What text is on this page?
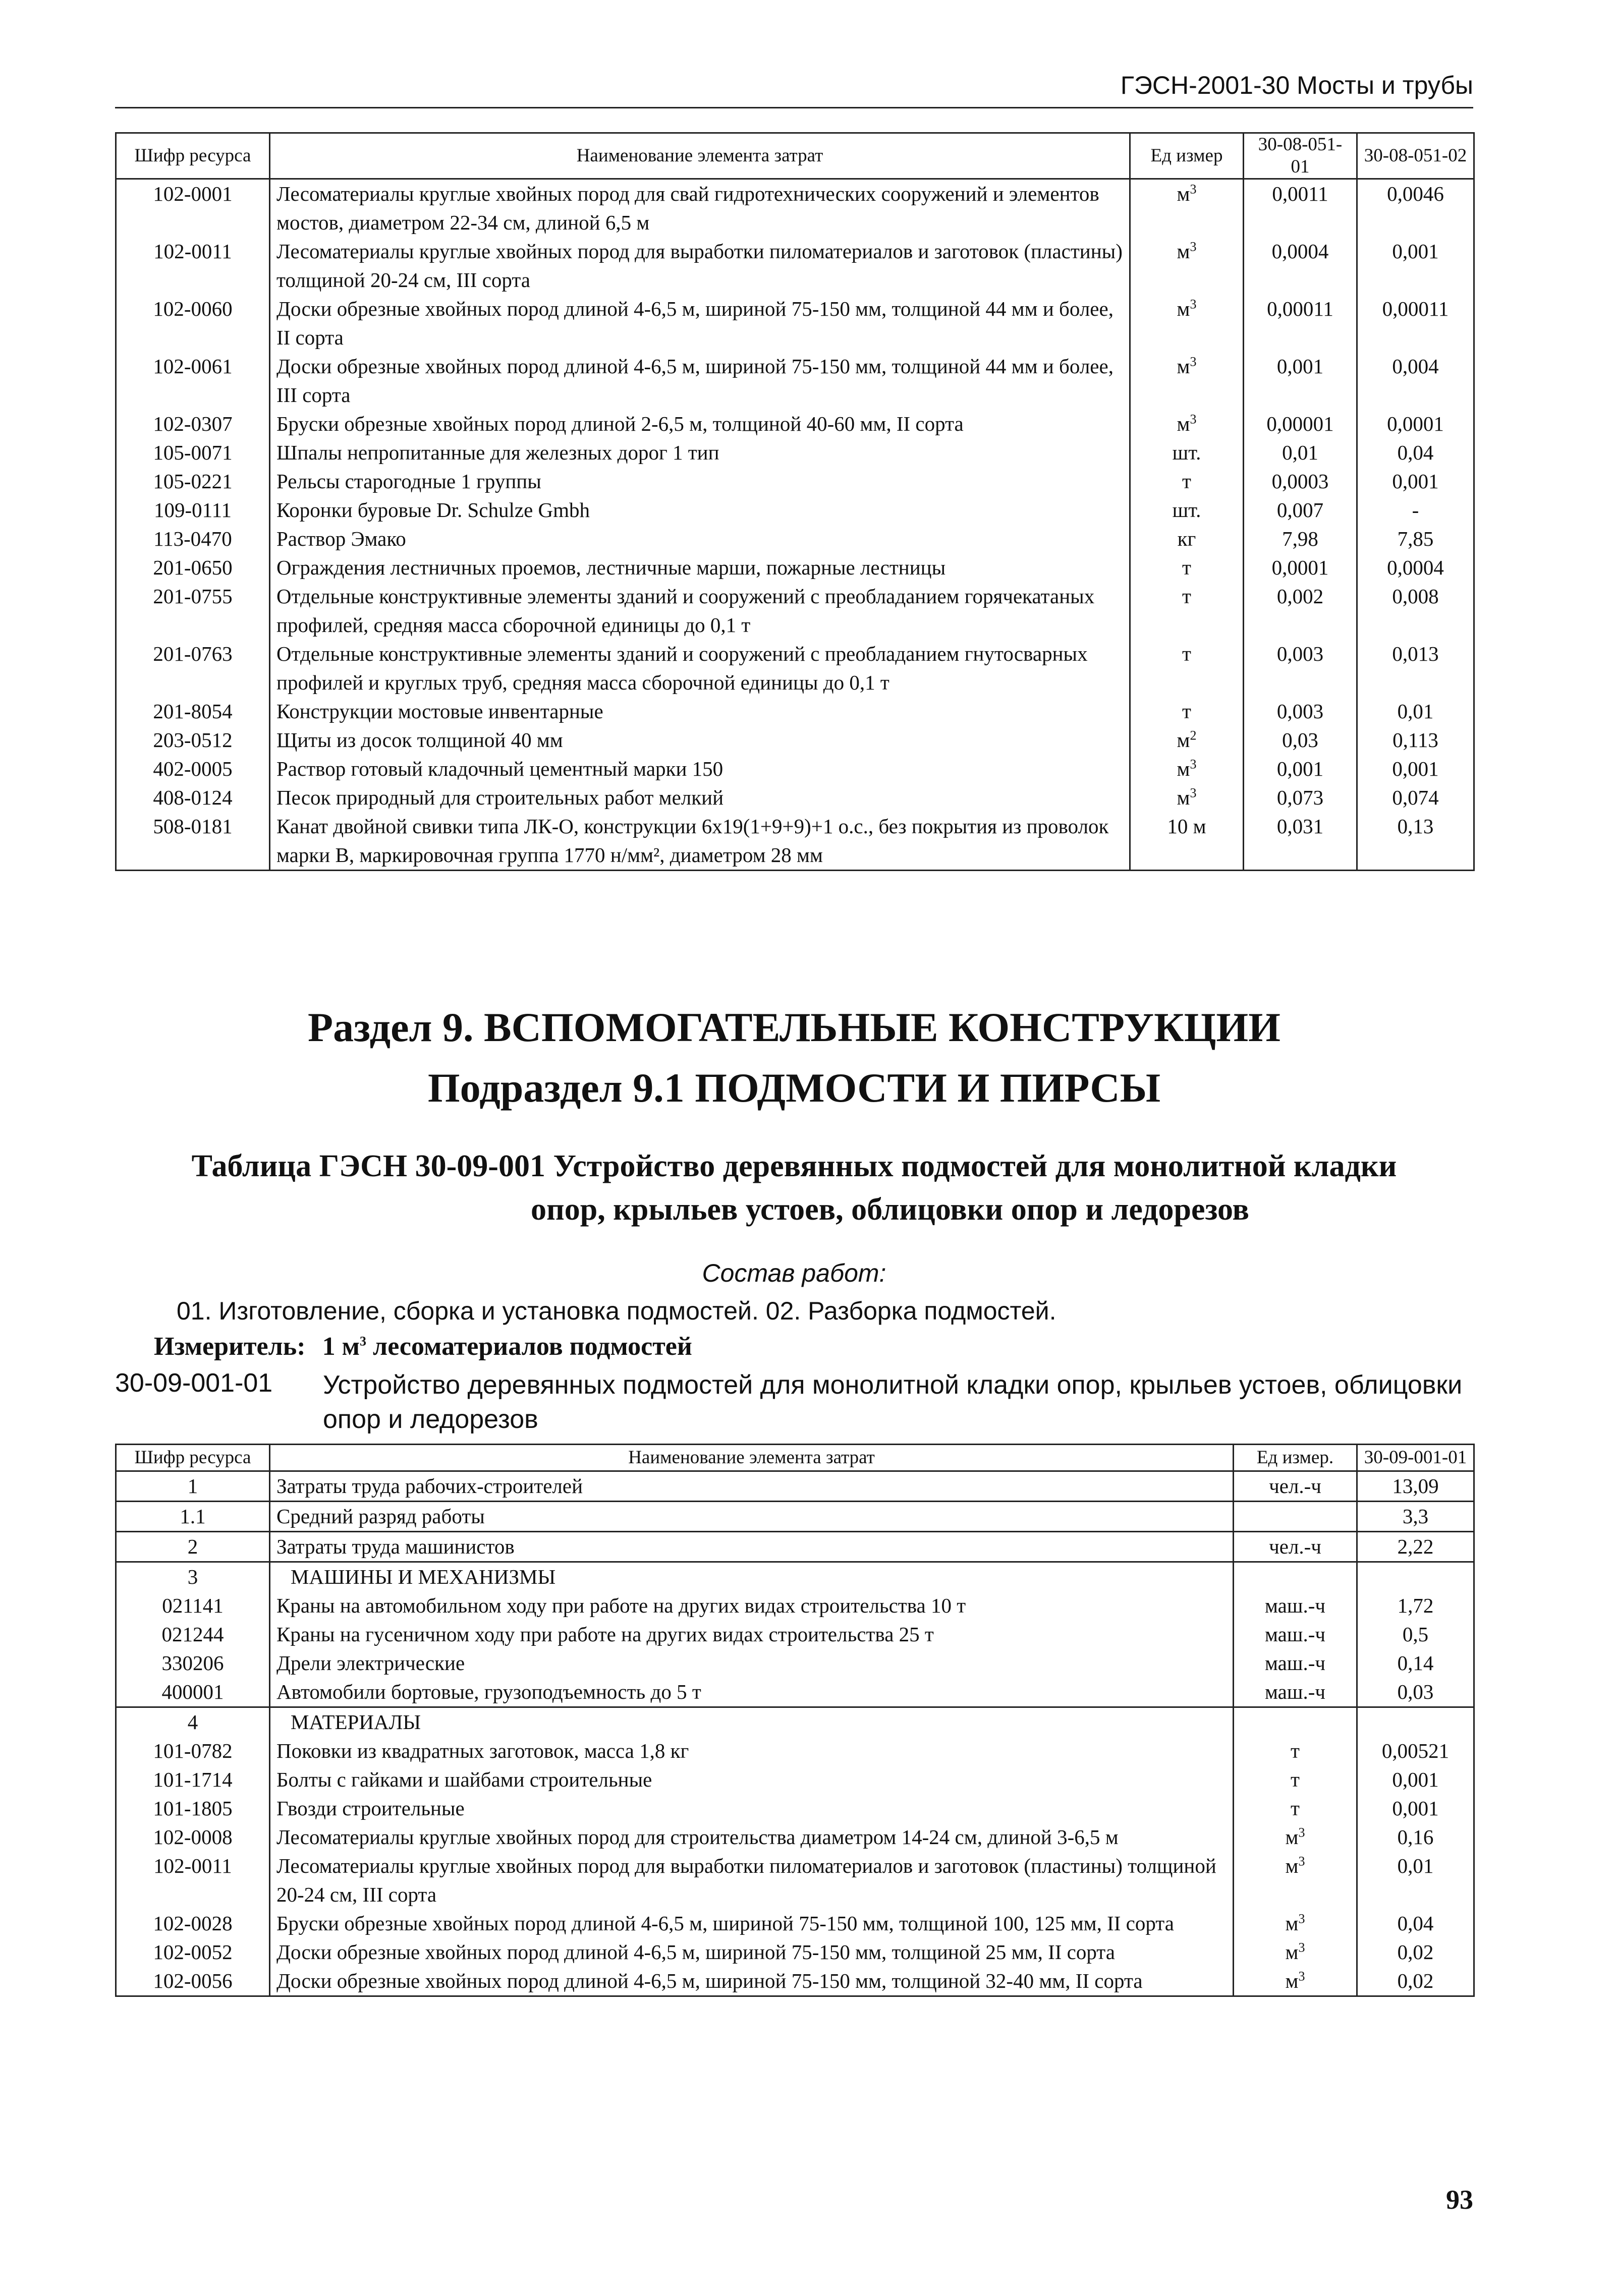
ГЭСН-2001-30 Мосты и трубы
Шифр ресурса	Наименование элемента затрат	Ед измер	30-08-051-01	30-08-051-02
102-0001	Лесоматериалы круглые хвойных пород для свай гидротехнических сооружений и элементов мостов, диаметром 22-34 см, длиной 6,5 м	$м^3$	0,0011	0,0046
102-0011	Лесоматериалы круглые хвойных пород для выработки пиломатериалов и заготовок (пластины) толщиной 20-24 см, III сорта	$м^3$	0,0004	0,001
102-0060	Доски обрезные хвойных пород длиной 4-6,5 м, шириной 75-150 мм, толщиной 44 мм и более, II сорта	$м^3$	0,00011	0,00011
102-0061	Доски обрезные хвойных пород длиной 4-6,5 м, шириной 75-150 мм, толщиной 44 мм и более, III сорта	$м^3$	0,001	0,004
102-0307	Бруски обрезные хвойных пород длиной 2-6,5 м, толщиной 40-60 мм, II сорта	$м^3$	0,00001	0,0001
105-0071	Шпалы непропитанные для железных дорог 1 тип	шт.	0,01	0,04
105-0221	Рельсы старогодные 1 группы	т	0,0003	0,001
109-0111	Коронки буровые Dr. Schulze Gmbh	шт.	0,007	-
113-0470	Раствор Эмако	кг	7,98	7,85
201-0650	Ограждения лестничных проемов, лестничные марши, пожарные лестницы	т	0,0001	0,0004
201-0755	Отдельные конструктивные элементы зданий и сооружений с преобладанием горячекатаных профилей, средняя масса сборочной единицы до 0,1 т	т	0,002	0,008
201-0763	Отдельные конструктивные элементы зданий и сооружений с преобладанием гнутосварных профилей и круглых труб, средняя масса сборочной единицы до 0,1 т	т	0,003	0,013
201-8054	Конструкции мостовые инвентарные	т	0,003	0,01
203-0512	Щиты из досок толщиной 40 мм	$м^2$	0,03	0,113
402-0005	Раствор готовый кладочный цементный марки 150	$м^3$	0,001	0,001
408-0124	Песок природный для строительных работ мелкий	$м^3$	0,073	0,074
508-0181	Канат двойной свивки типа ЛК-О, конструкции 6х19(1+9+9)+1 о.с., без покрытия из проволок марки В, маркировочная группа 1770 н/мм², диаметром 28 мм	10 м	0,031	0,13
Раздел 9. ВСПОМОГАТЕЛЬНЫЕ КОНСТРУКЦИИ
Подраздел 9.1 ПОДМОСТИ И ПИРСЫ
Таблица ГЭСН 30-09-001 Устройство деревянных подмостей для монолитной кладки
опор, крыльев устоев, облицовки опор и ледорезов
Состав работ:
01. Изготовление, сборка и установка подмостей. 02. Разборка подмостей.
Измеритель: 1 $м^3$ лесоматериалов подмостей
30-09-001-01 Устройство деревянных подмостей для монолитной кладки опор, крыльев устоев, облицовки опор и ледорезов
Шифр ресурса	Наименование элемента затрат	Ед измер.	30-09-001-01
1	Затраты труда рабочих-строителей	чел.-ч	13,09
1.1	Средний разряд работы		3,3
2	Затраты труда машинистов	чел.-ч	2,22
3	МАШИНЫ И МЕХАНИЗМЫ		
021141	Краны на автомобильном ходу при работе на других видах строительства 10 т	маш.-ч	1,72
021244	Краны на гусеничном ходу при работе на других видах строительства 25 т	маш.-ч	0,5
330206	Дрели электрические	маш.-ч	0,14
400001	Автомобили бортовые, грузоподъемность до 5 т	маш.-ч	0,03
4	МАТЕРИАЛЫ		
101-0782	Поковки из квадратных заготовок, масса 1,8 кг	т	0,00521
101-1714	Болты с гайками и шайбами строительные	т	0,001
101-1805	Гвозди строительные	т	0,001
102-0008	Лесоматериалы круглые хвойных пород для строительства диаметром 14-24 см, длиной 3-6,5 м	$м^3$	0,16
102-0011	Лесоматериалы круглые хвойных пород для выработки пиломатериалов и заготовок (пластины) толщиной 20-24 см, III сорта	$м^3$	0,01
102-0028	Бруски обрезные хвойных пород длиной 4-6,5 м, шириной 75-150 мм, толщиной 100, 125 мм, II сорта	$м^3$	0,04
102-0052	Доски обрезные хвойных пород длиной 4-6,5 м, шириной 75-150 мм, толщиной 25 мм, II сорта	$м^3$	0,02
102-0056	Доски обрезные хвойных пород длиной 4-6,5 м, шириной 75-150 мм, толщиной 32-40 мм, II сорта	$м^3$	0,02
93
